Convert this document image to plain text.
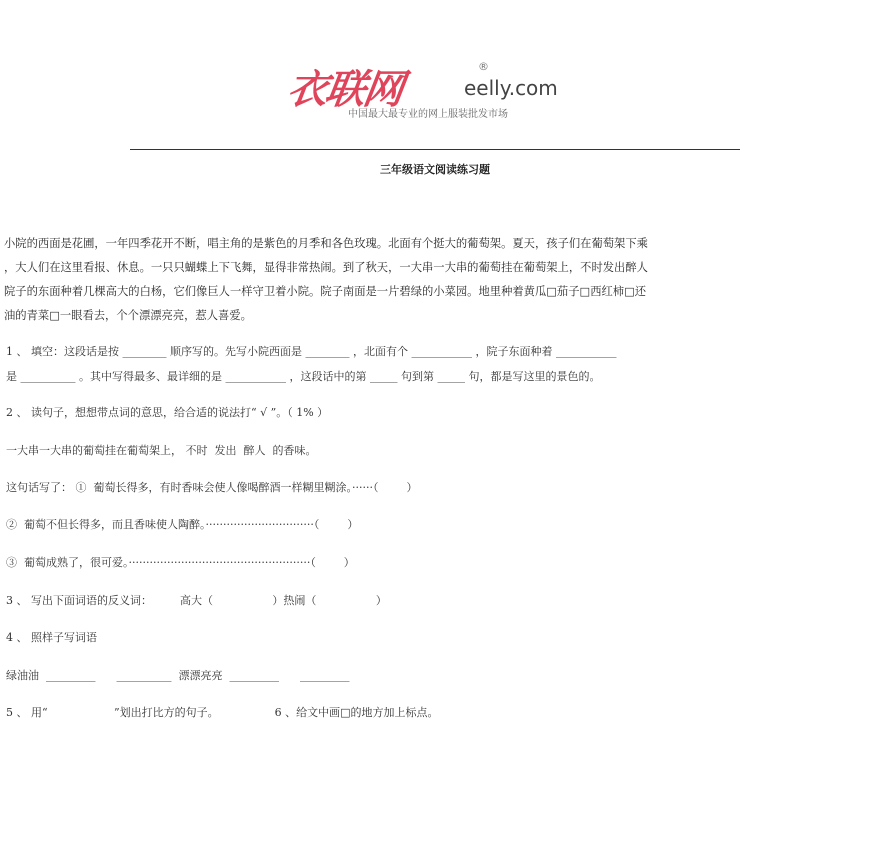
衣联网	®
eelly.com
中国最大最专业的网上服装批发市场
三年级语文阅读练习题
小院的西面是花圃，一年四季花开不断，唱主角的是紫色的月季和各色玫瑰。北面有个挺大的葡萄架。夏天，孩子们在葡萄架下乘
，大人们在这里看报、休息。一只只蝴蝶上下飞舞，显得非常热闹。到了秋天，一大串一大串的葡萄挂在葡萄架上，不时发出醉人
院子的东面种着几棵高大的白杨，它们像巨人一样守卫着小院。院子南面是一片碧绿的小菜园。地里种着黄瓜□茄子□西红柿□还
油的青菜□一眼看去，个个漂漂亮亮，惹人喜爱。
1 、 填空：这段话是按 ________ 顺序写的。先写小院西面是 ________ ，北面有个 ___________ ，院子东面种着 ___________
是 __________ 。其中写得最多、最详细的是 ___________ ，这段话中的第 _____ 句到第 _____ 句，都是写这里的景色的。
2 、 读句子，想想带点词的意思，给合适的说法打“ √ ”。（ 1% ）
一大串一大串的葡萄挂在葡萄架上， 不时  发出  醉人  的香味。
这句话写了： ①  葡萄长得多，有时香味会使人像喝醉酒一样糊里糊涂。······（        ）
②  葡萄不但长得多，而且香味使人陶醉。·······························（        ）
③  葡萄成熟了，很可爱。····················································（        ）
3 、 写出下面词语的反义词：        高大（                 ）热闹（                 ）
4 、 照样子写词语
绿油油  _________      __________  漂漂亮亮  _________      _________
5 、 用“                   ”划出打比方的句子。                6 、给文中画□的地方加上标点。
